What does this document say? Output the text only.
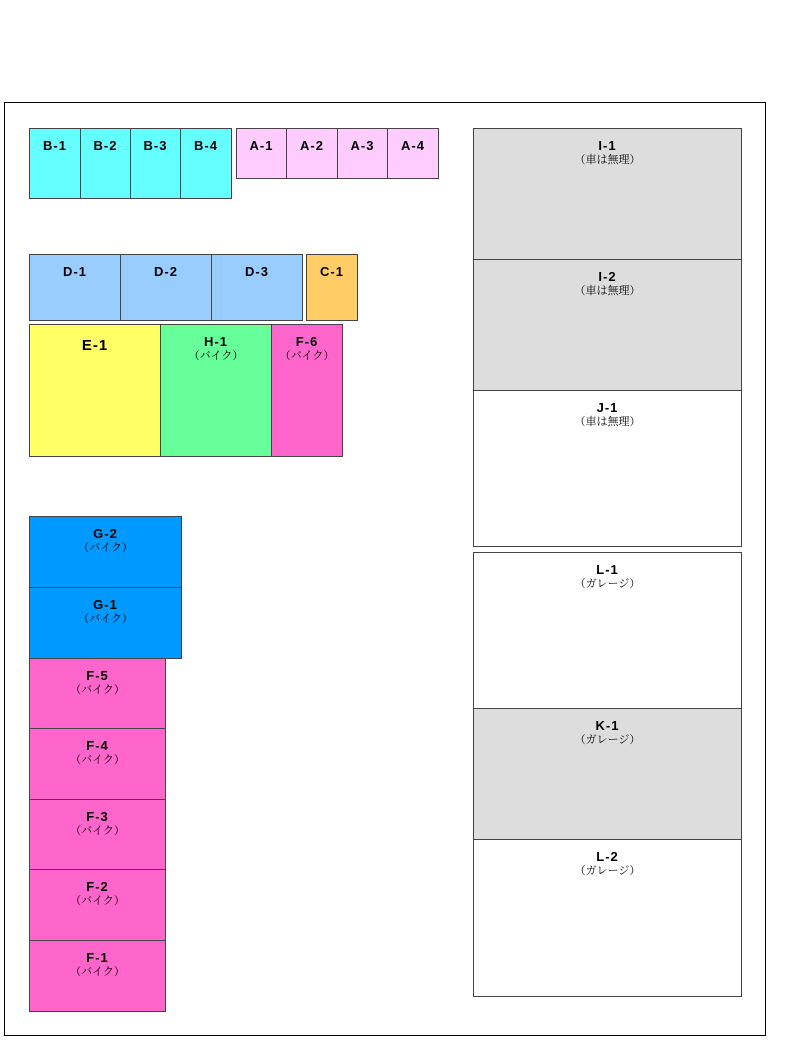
B-1	B-2	B-3	B-4	A-1	A-2	A-3	A-4
D-1	D-2	D-3	C-1
E-1	H-1
（バイク）
F-6
（バイク）
G-2
（バイク）
G-1
（バイク）
F-5
（バイク）
F-4
（バイク）
F-3
（バイク）
F-2
（バイク）
F-1
（バイク）
I-1
（車は無理）
I-2
（車は無理）
J-1
（車は無理）
L-1
（ガレージ）
K-1
（ガレージ）
L-2
（ガレージ）
